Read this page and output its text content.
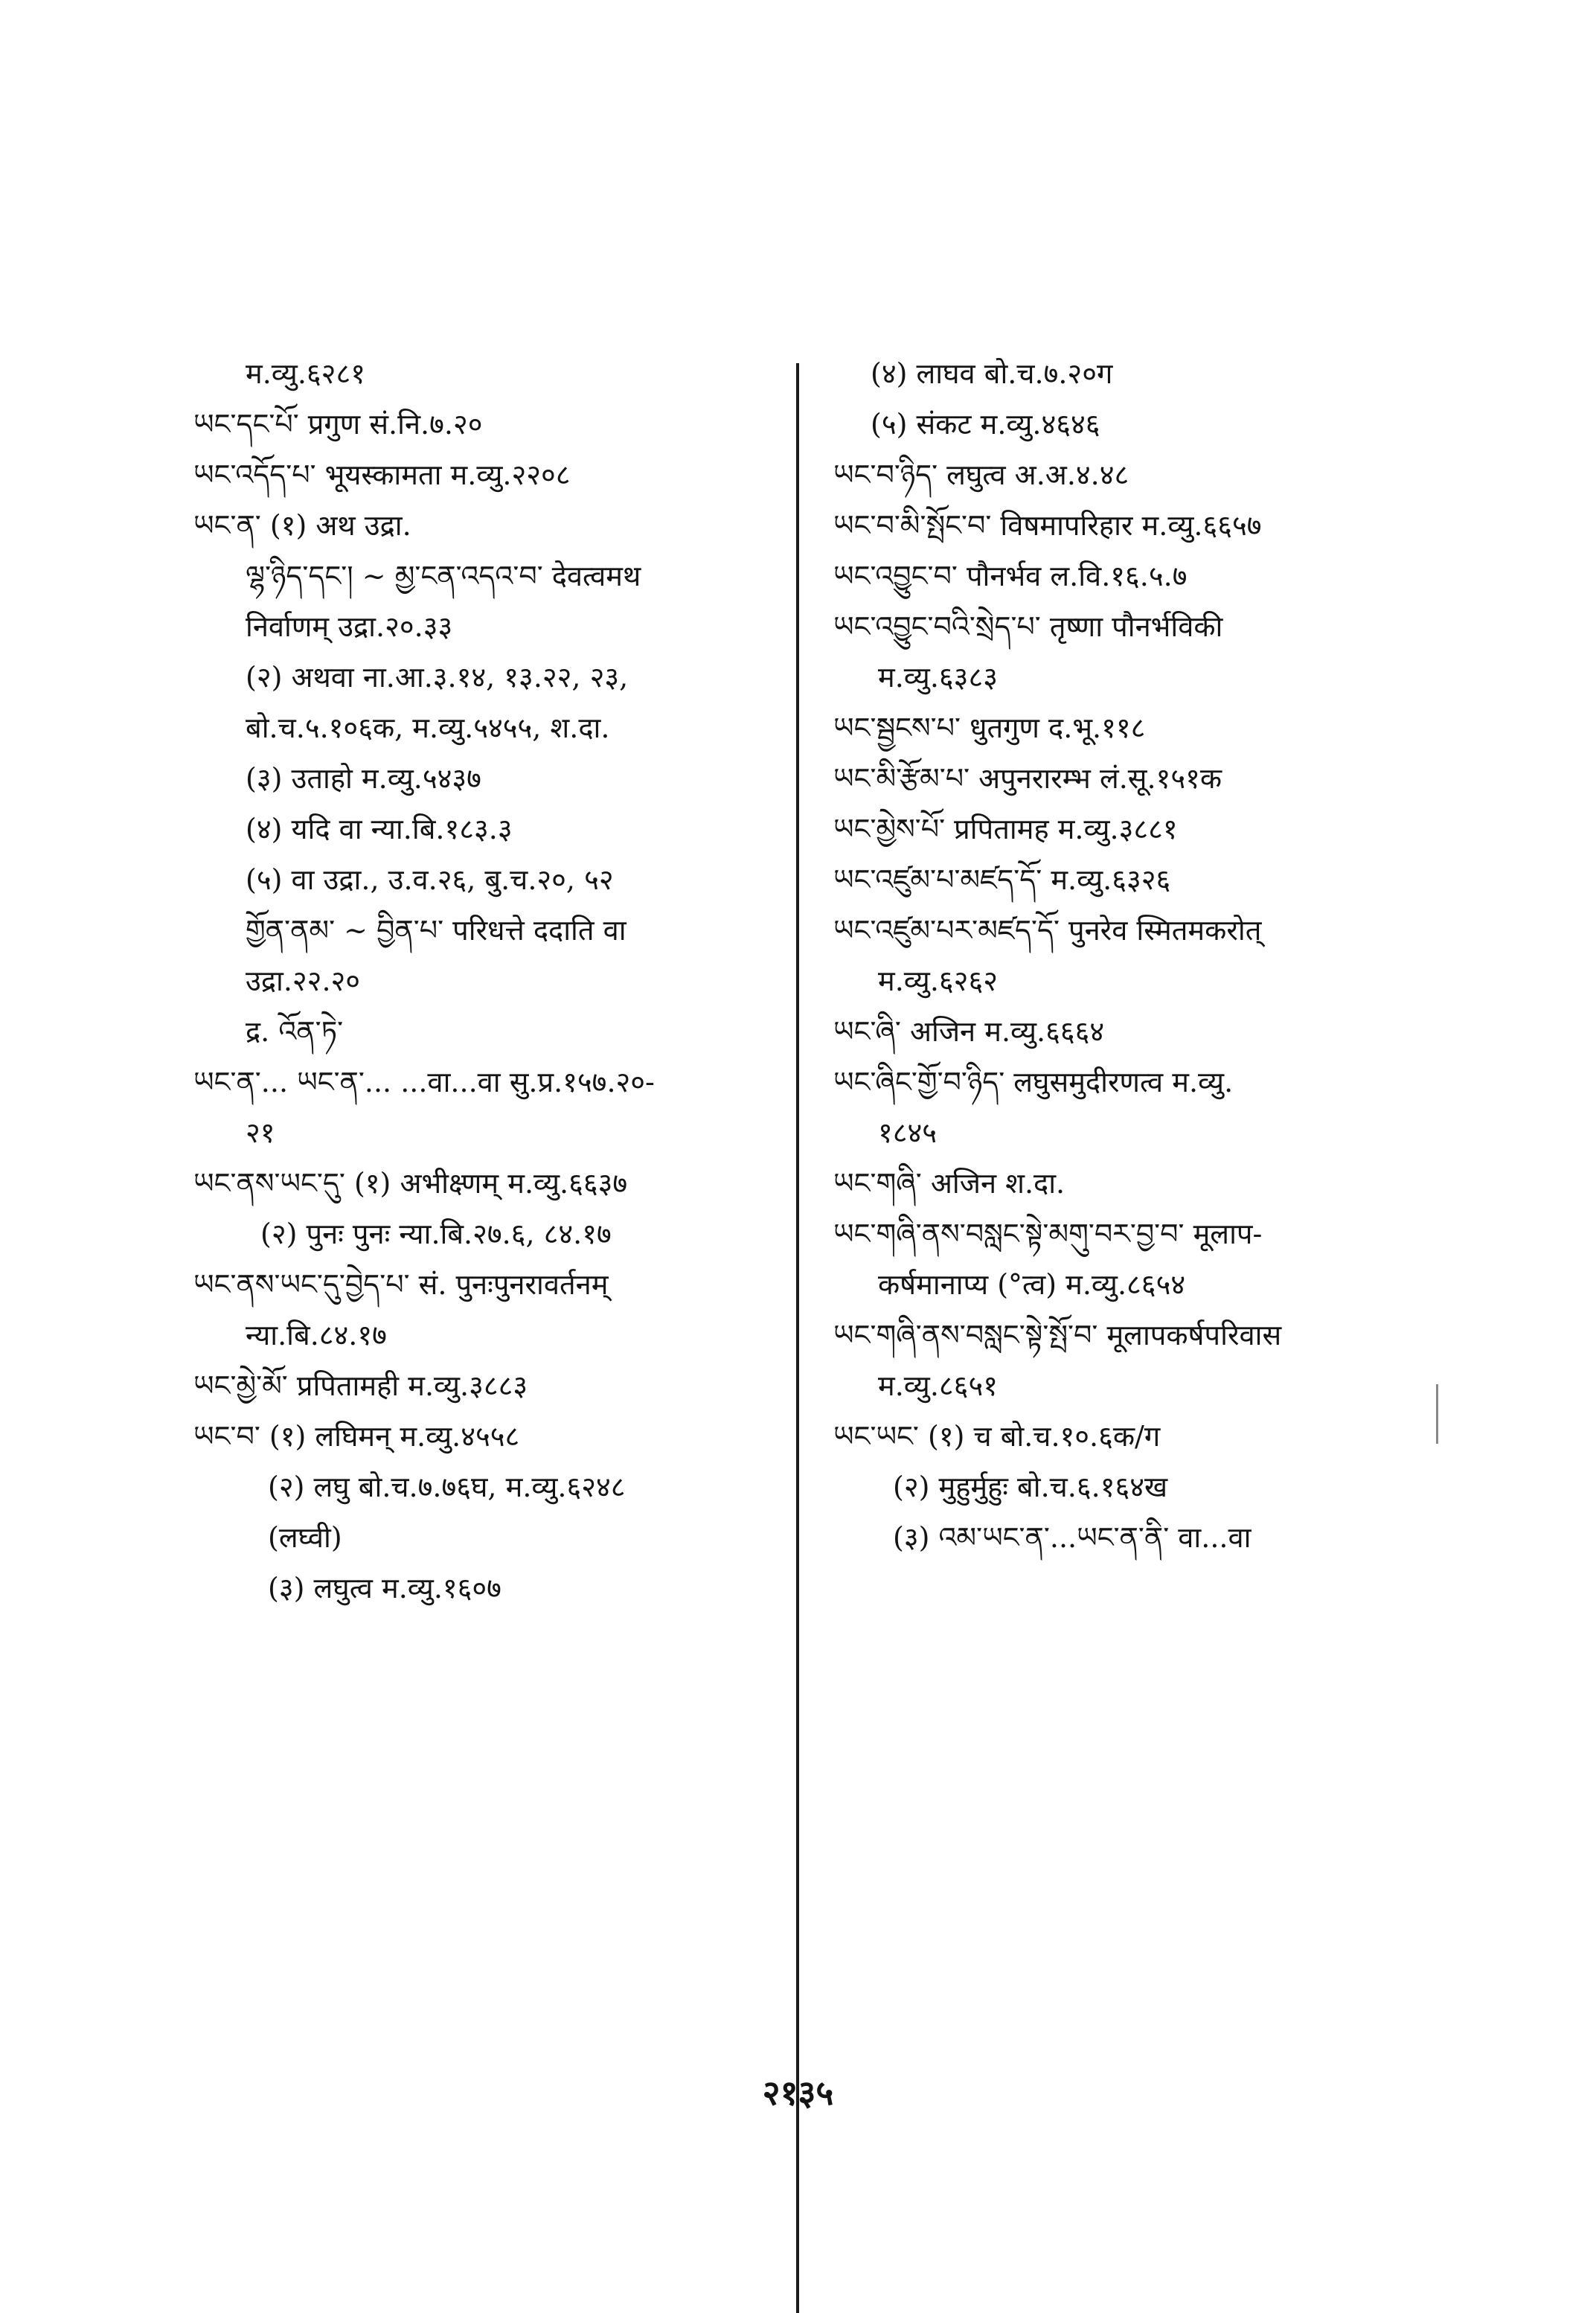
म.व्यु.६२८१
ཡང་དང་པོ་ प्रगुण सं.नि.७.२०
ཡང་འདོད་པ་ भूयस्कामता म.व्यु.२२०८
ཡང་ན་ (१) अथ उद्रा.
ལྷ་ཉིད་དང་། ~ མྱ་ངན་འདའ་བ་ देवत्वमथ
निर्वाणम् उद्रा.२०.३३
(२) अथवा ना.आ.३.१४, १३.२२, २३,
बो.च.५.१०६क, म.व्यु.५४५५, श.दा.
(३) उताहो म.व्यु.५४३७
(४) यदि वा न्या.बि.१८३.३
(५) वा उद्रा., उ.व.२६, बु.च.२०, ५२
གྱོན་ནམ་ ~ བྱིན་པ་ परिधत्ते ददाति वा
उद्रा.२२.२०
द्र. འོན་ཏེ་
ཡང་ན་... ཡང་ན་... ...वा...वा सु.प्र.१५७.२०-
२१
ཡང་ནས་ཡང་དུ་ (१) अभीक्ष्णम् म.व्यु.६६३७
(२) पुनः पुनः न्या.बि.२७.६, ८४.१७
ཡང་ནས་ཡང་དུ་བྱེད་པ་ सं. पुनःपुनरावर्तनम्
न्या.बि.८४.१७
ཡང་མྱེ་མོ་ प्रपितामही म.व्यु.३८८३
ཡང་བ་ (१) लघिमन् म.व्यु.४५५८
(२) लघु बो.च.७.७६घ, म.व्यु.६२४८
(लघ्वी)
(३) लघुत्व म.व्यु.१६०७
(४) लाघव बो.च.७.२०ग
(५) संकट म.व्यु.४६४६
ཡང་བ་ཉིད་ लघुत्व अ.अ.४.४८
ཡང་བ་མི་སྤོང་བ་ विषमापरिहार म.व्यु.६६५७
ཡང་འབྱུང་བ་ पौनर्भव ल.वि.१६.५.७
ཡང་འབྱུང་བའི་སྲེད་པ་ तृष्णा पौनर्भविकी
म.व्यु.६३८३
ཡང་སྦྱངས་པ་ धुतगुण द.भू.११८
ཡང་མི་རྩོམ་པ་ अपुनरारम्भ लं.सू.१५१क
ཡང་མྱེས་པོ་ प्रपितामह म.व्यु.३८८१
ཡང་འཛུམ་པ་མཛད་དོ་ म.व्यु.६३२६
ཡང་འཛུམ་པར་མཛད་དོ་ पुनरेव स्मितमकरोत्
म.व्यु.६२६२
ཡང་ཞི་ अजिन म.व्यु.६६६४
ཡང་ཞིང་གྱོ་བ་ཉིད་ लघुसमुदीरणत्व म.व्यु.
१८४५
ཡང་གཞི་ अजिन श.दा.
ཡང་གཞི་ནས་བསླང་སྟེ་མགུ་བར་བྱ་བ་ मूलाप-
कर्षमानाप्य (°त्व) म.व्यु.८६५४
ཡང་གཞི་ནས་བསླང་སྟེ་སྤོ་བ་ मूलापकर्षपरिवास
म.व्यु.८६५१
ཡང་ཡང་ (१) च बो.च.१०.६क/ग
(२) मुहुर्मुहुः बो.च.६.१६४ख
(३) འམ་ཡང་ན་...ཡང་ན་ནི་ वा...वा
२१३५
